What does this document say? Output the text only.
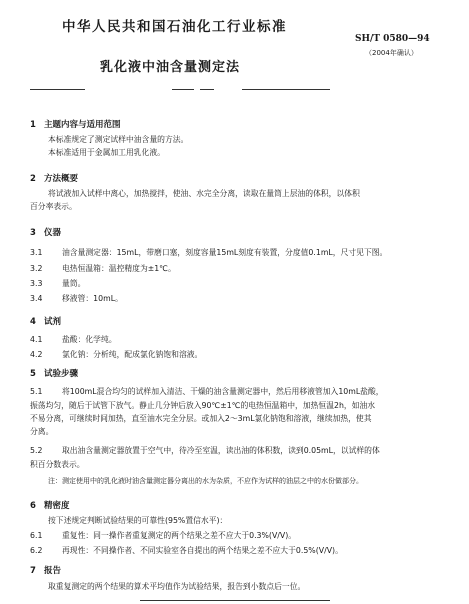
中华人民共和国石油化工行业标准
SH/T 0580—94
（2004年确认）
乳化液中油含量测定法
1 主题内容与适用范围
本标准规定了测定试样中油含量的方法。
本标准适用于金属加工用乳化液。
2 方法概要
将试液加入试样中离心，加热搅拌，使油、水完全分离，读取在量筒上层油的体积，以体积
百分率表示。
3 仪器
3.1	油含量测定器：15mL，带磨口塞，刻度容量15mL刻度有装置，分度值0.1mL，尺寸见下图。
3.2	电热恒温箱：温控精度为±1℃。
3.3	量筒。
3.4	移液管：10mL。
4 试剂
4.1	盐酸：化学纯。
4.2	氯化钠：分析纯，配成氯化钠饱和溶液。
5 试验步骤
5.1	将100mL混合均匀的试样加入清洁、干燥的油含量测定器中，然后用移液管加入10mL盐酸，
振荡均匀，随后于试管下放气。静止几分钟后放入90℃±1℃的电热恒温箱中，加热恒温2h，如油水
不易分离，可继续时间加热，直至油水完全分层。或加入2～3mL氯化钠饱和溶液，继续加热，使其
分离。
5.2	取出油含量测定器放置于空气中，待冷至室温，读出油的体积数，读到0.05mL，以试样的体
积百分数表示。
注：测定使用中的乳化液时油含量测定器分离出的水为杂质，不应作为试样的油层之中的水份做部分。
6 精密度
按下述规定判断试验结果的可靠性(95%置信水平)：
6.1	重复性：同一操作者重复测定的两个结果之差不应大于0.3%(V/V)。
6.2	再现性：不同操作者、不同实验室各自提出的两个结果之差不应大于0.5%(V/V)。
7 报告
取重复测定的两个结果的算术平均值作为试验结果，报告到小数点后一位。
